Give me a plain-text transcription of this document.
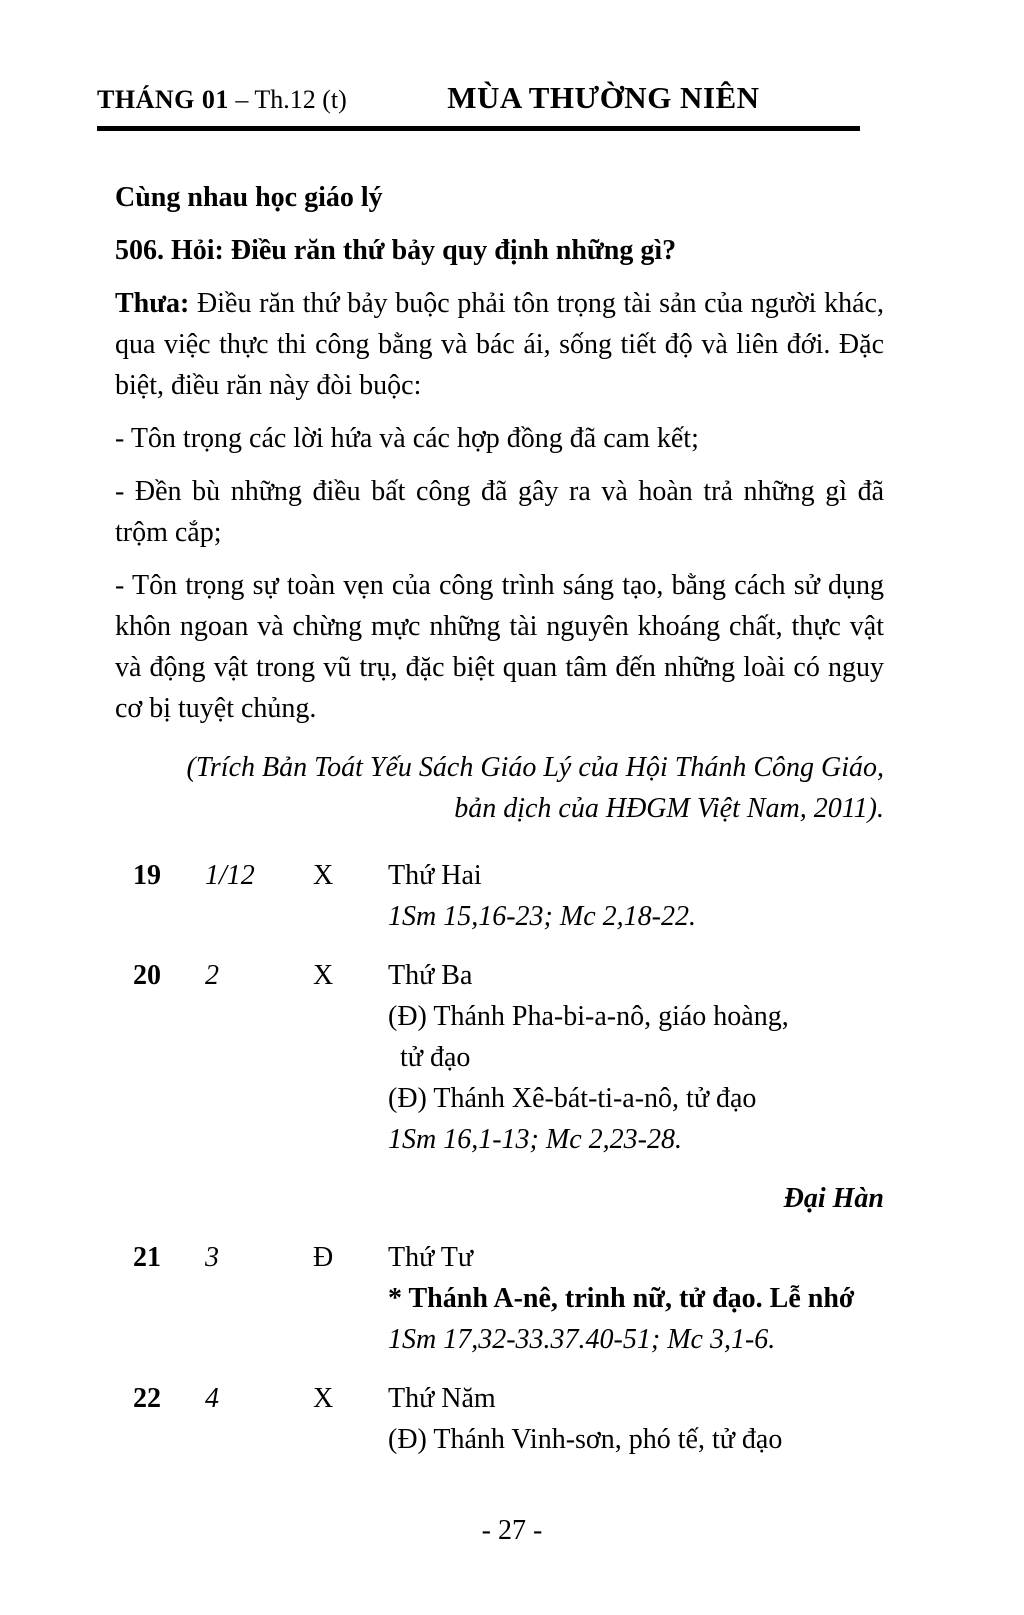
THÁNG 01 – Th.12 (t)	MÙA THƯỜNG NIÊN

Cùng nhau học giáo lý

506. Hỏi: Điều răn thứ bảy quy định những gì?

Thưa: Điều răn thứ bảy buộc phải tôn trọng tài sản của người khác, qua việc thực thi công bằng và bác ái, sống tiết độ và liên đới. Đặc biệt, điều răn này đòi buộc:

- Tôn trọng các lời hứa và các hợp đồng đã cam kết;

- Đền bù những điều bất công đã gây ra và hoàn trả những gì đã trộm cắp;

- Tôn trọng sự toàn vẹn của công trình sáng tạo, bằng cách sử dụng khôn ngoan và chừng mực những tài nguyên khoáng chất, thực vật và động vật trong vũ trụ, đặc biệt quan tâm đến những loài có nguy cơ bị tuyệt chủng.

(Trích Bản Toát Yếu Sách Giáo Lý của Hội Thánh Công Giáo,
bản dịch của HĐGM Việt Nam, 2011).

19	1/12	X	Thứ Hai
1Sm 15,16-23; Mc 2,18-22.
20	2	X	Thứ Ba
(Đ) Thánh Pha-bi-a-nô, giáo hoàng,
tử đạo
(Đ) Thánh Xê-bát-ti-a-nô, tử đạo
1Sm 16,1-13; Mc 2,23-28.
Đại Hàn
21	3	Đ	Thứ Tư
* Thánh A-nê, trinh nữ, tử đạo. Lễ nhớ
1Sm 17,32-33.37.40-51; Mc 3,1-6.
22	4	X	Thứ Năm
(Đ) Thánh Vinh-sơn, phó tế, tử đạo
- 27 -
